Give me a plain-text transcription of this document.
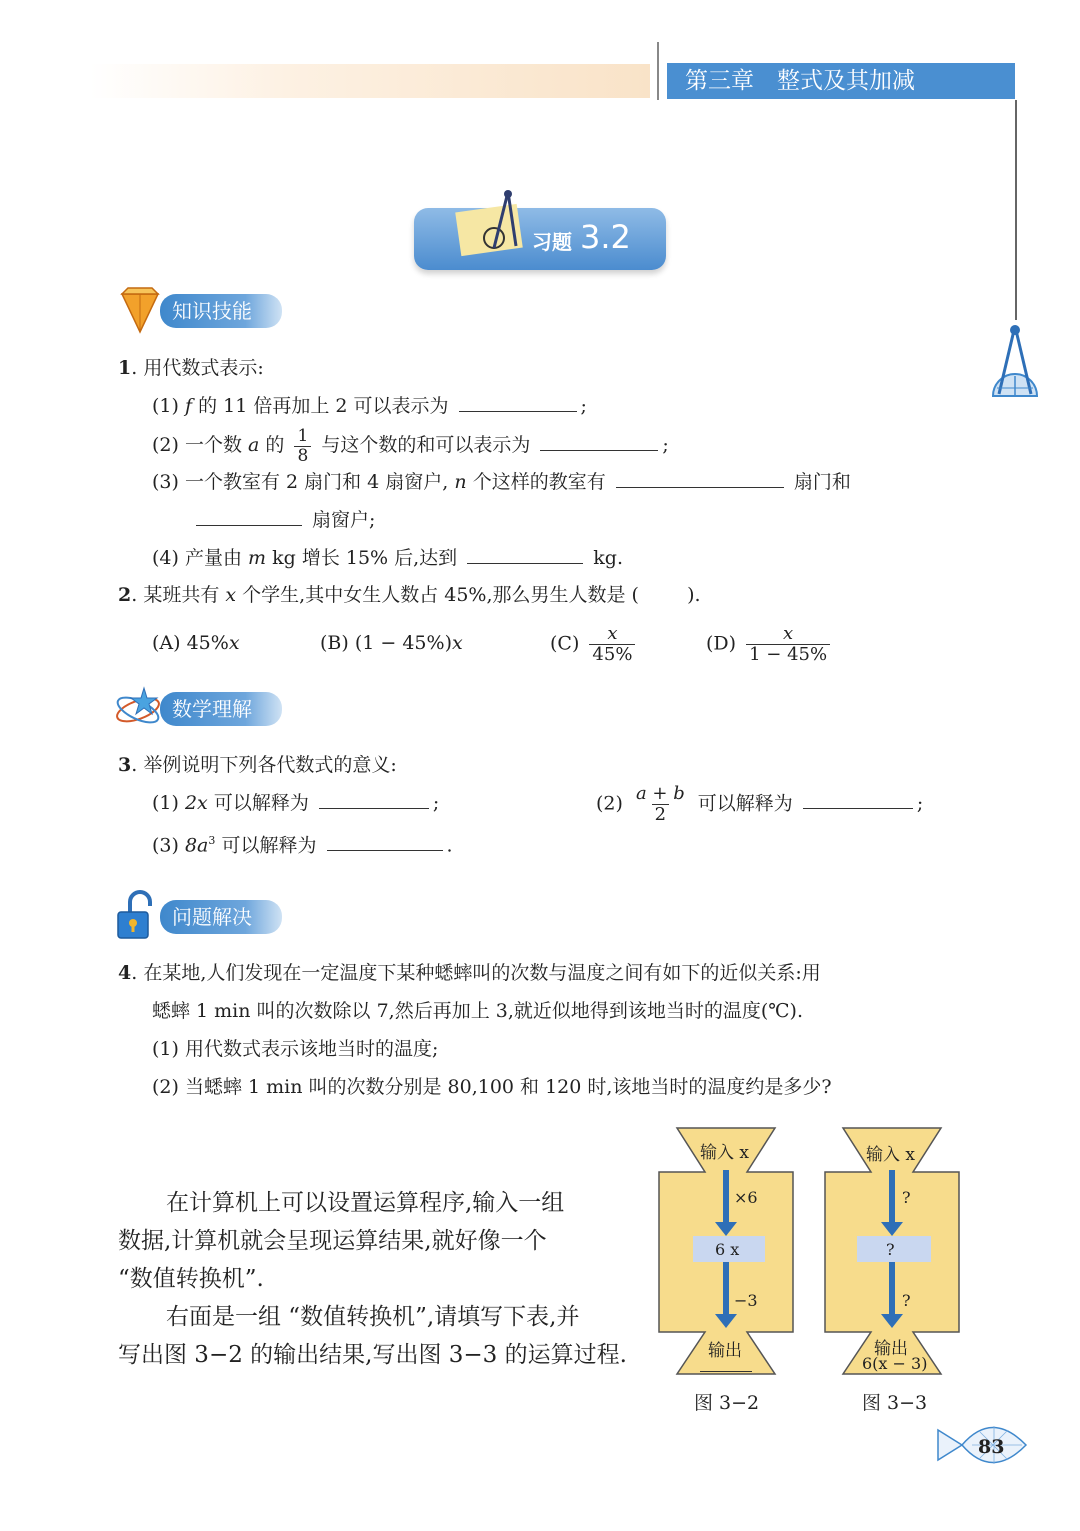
第三章　整式及其加减
习题 3.2
知识技能
1. 用代数式表示:
(1) f 的 11 倍再加上 2 可以表示为	;
(2) 一个数 a 的 $\frac{1}{8}$ 与这个数的和可以表示为	;
(3) 一个教室有 2 扇门和 4 扇窗户, n 个这样的教室有	扇门和
扇窗户;
(4) 产量由 m kg 增长 15% 后,达到	kg.
2. 某班共有 x 个学生,其中女生人数占 45%,那么男生人数是 (	).
(A) 45%x	(B) (1 − 45%)x	$(C) \frac{x}{45\%}$	$(D) \frac{x}{1 - 45\%}$
数学理解
3. 举例说明下列各代数式的意义:
(1) 2x 可以解释为	;	$(2) \frac{a + b}{2}$ 可以解释为	;
(3) $8a^3$ 可以解释为	.
问题解决
4. 在某地,人们发现在一定温度下某种蟋蟀叫的次数与温度之间有如下的近似关系:用
蟋蟀 1 min 叫的次数除以 7,然后再加上 3,就近似地得到该地当时的温度(℃).
(1) 用代数式表示该地当时的温度;
(2) 当蟋蟀 1 min 叫的次数分别是 80,100 和 120 时,该地当时的温度约是多少?
在计算机上可以设置运算程序,输入一组
数据,计算机就会呈现运算结果,就好像一个
“数值转换机”.
右面是一组 “数值转换机”,请填写下表,并
写出图 3−2 的输出结果,写出图 3−3 的运算过程.
输入 x
×6
6 x
−3
输出
图 3−2
输入 x
?
?
?
输出
6(x − 3)
图 3−3
83
